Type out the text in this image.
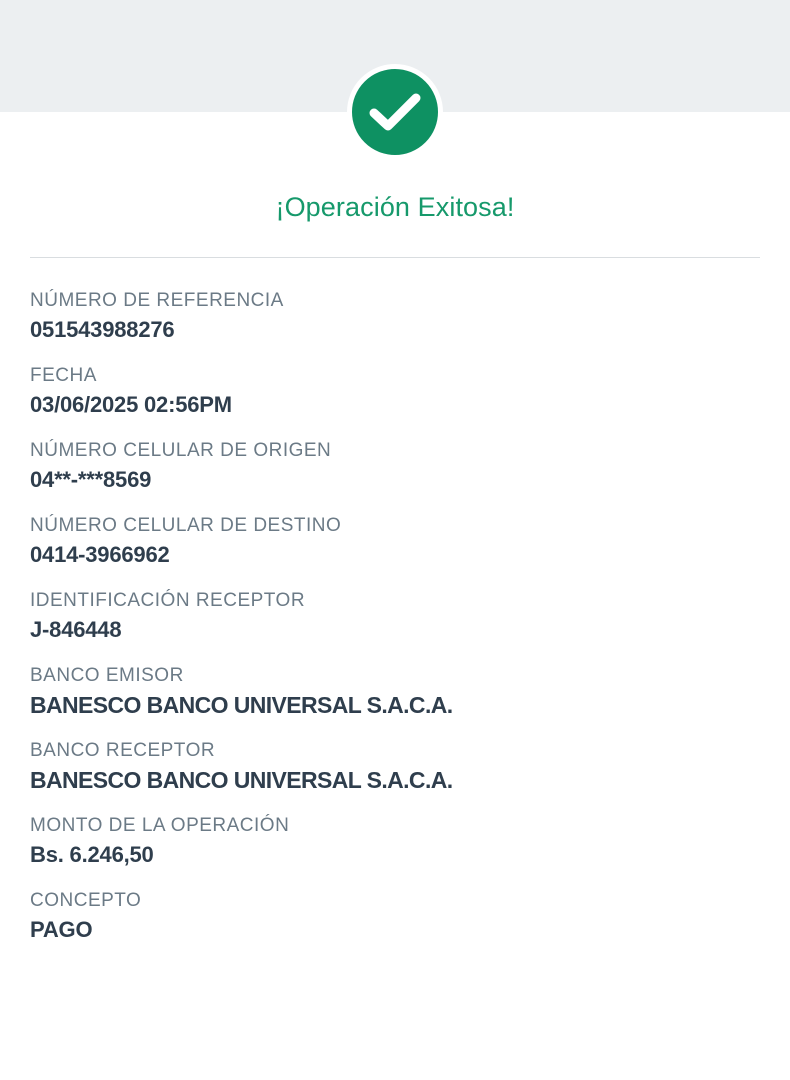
¡Operación Exitosa!
NÚMERO DE REFERENCIA
051543988276
FECHA
03/06/2025 02:56PM
NÚMERO CELULAR DE ORIGEN
04**-***8569
NÚMERO CELULAR DE DESTINO
0414-3966962
IDENTIFICACIÓN RECEPTOR
J-846448
BANCO EMISOR
BANESCO BANCO UNIVERSAL S.A.C.A.
BANCO RECEPTOR
BANESCO BANCO UNIVERSAL S.A.C.A.
MONTO DE LA OPERACIÓN
Bs. 6.246,50
CONCEPTO
PAGO
